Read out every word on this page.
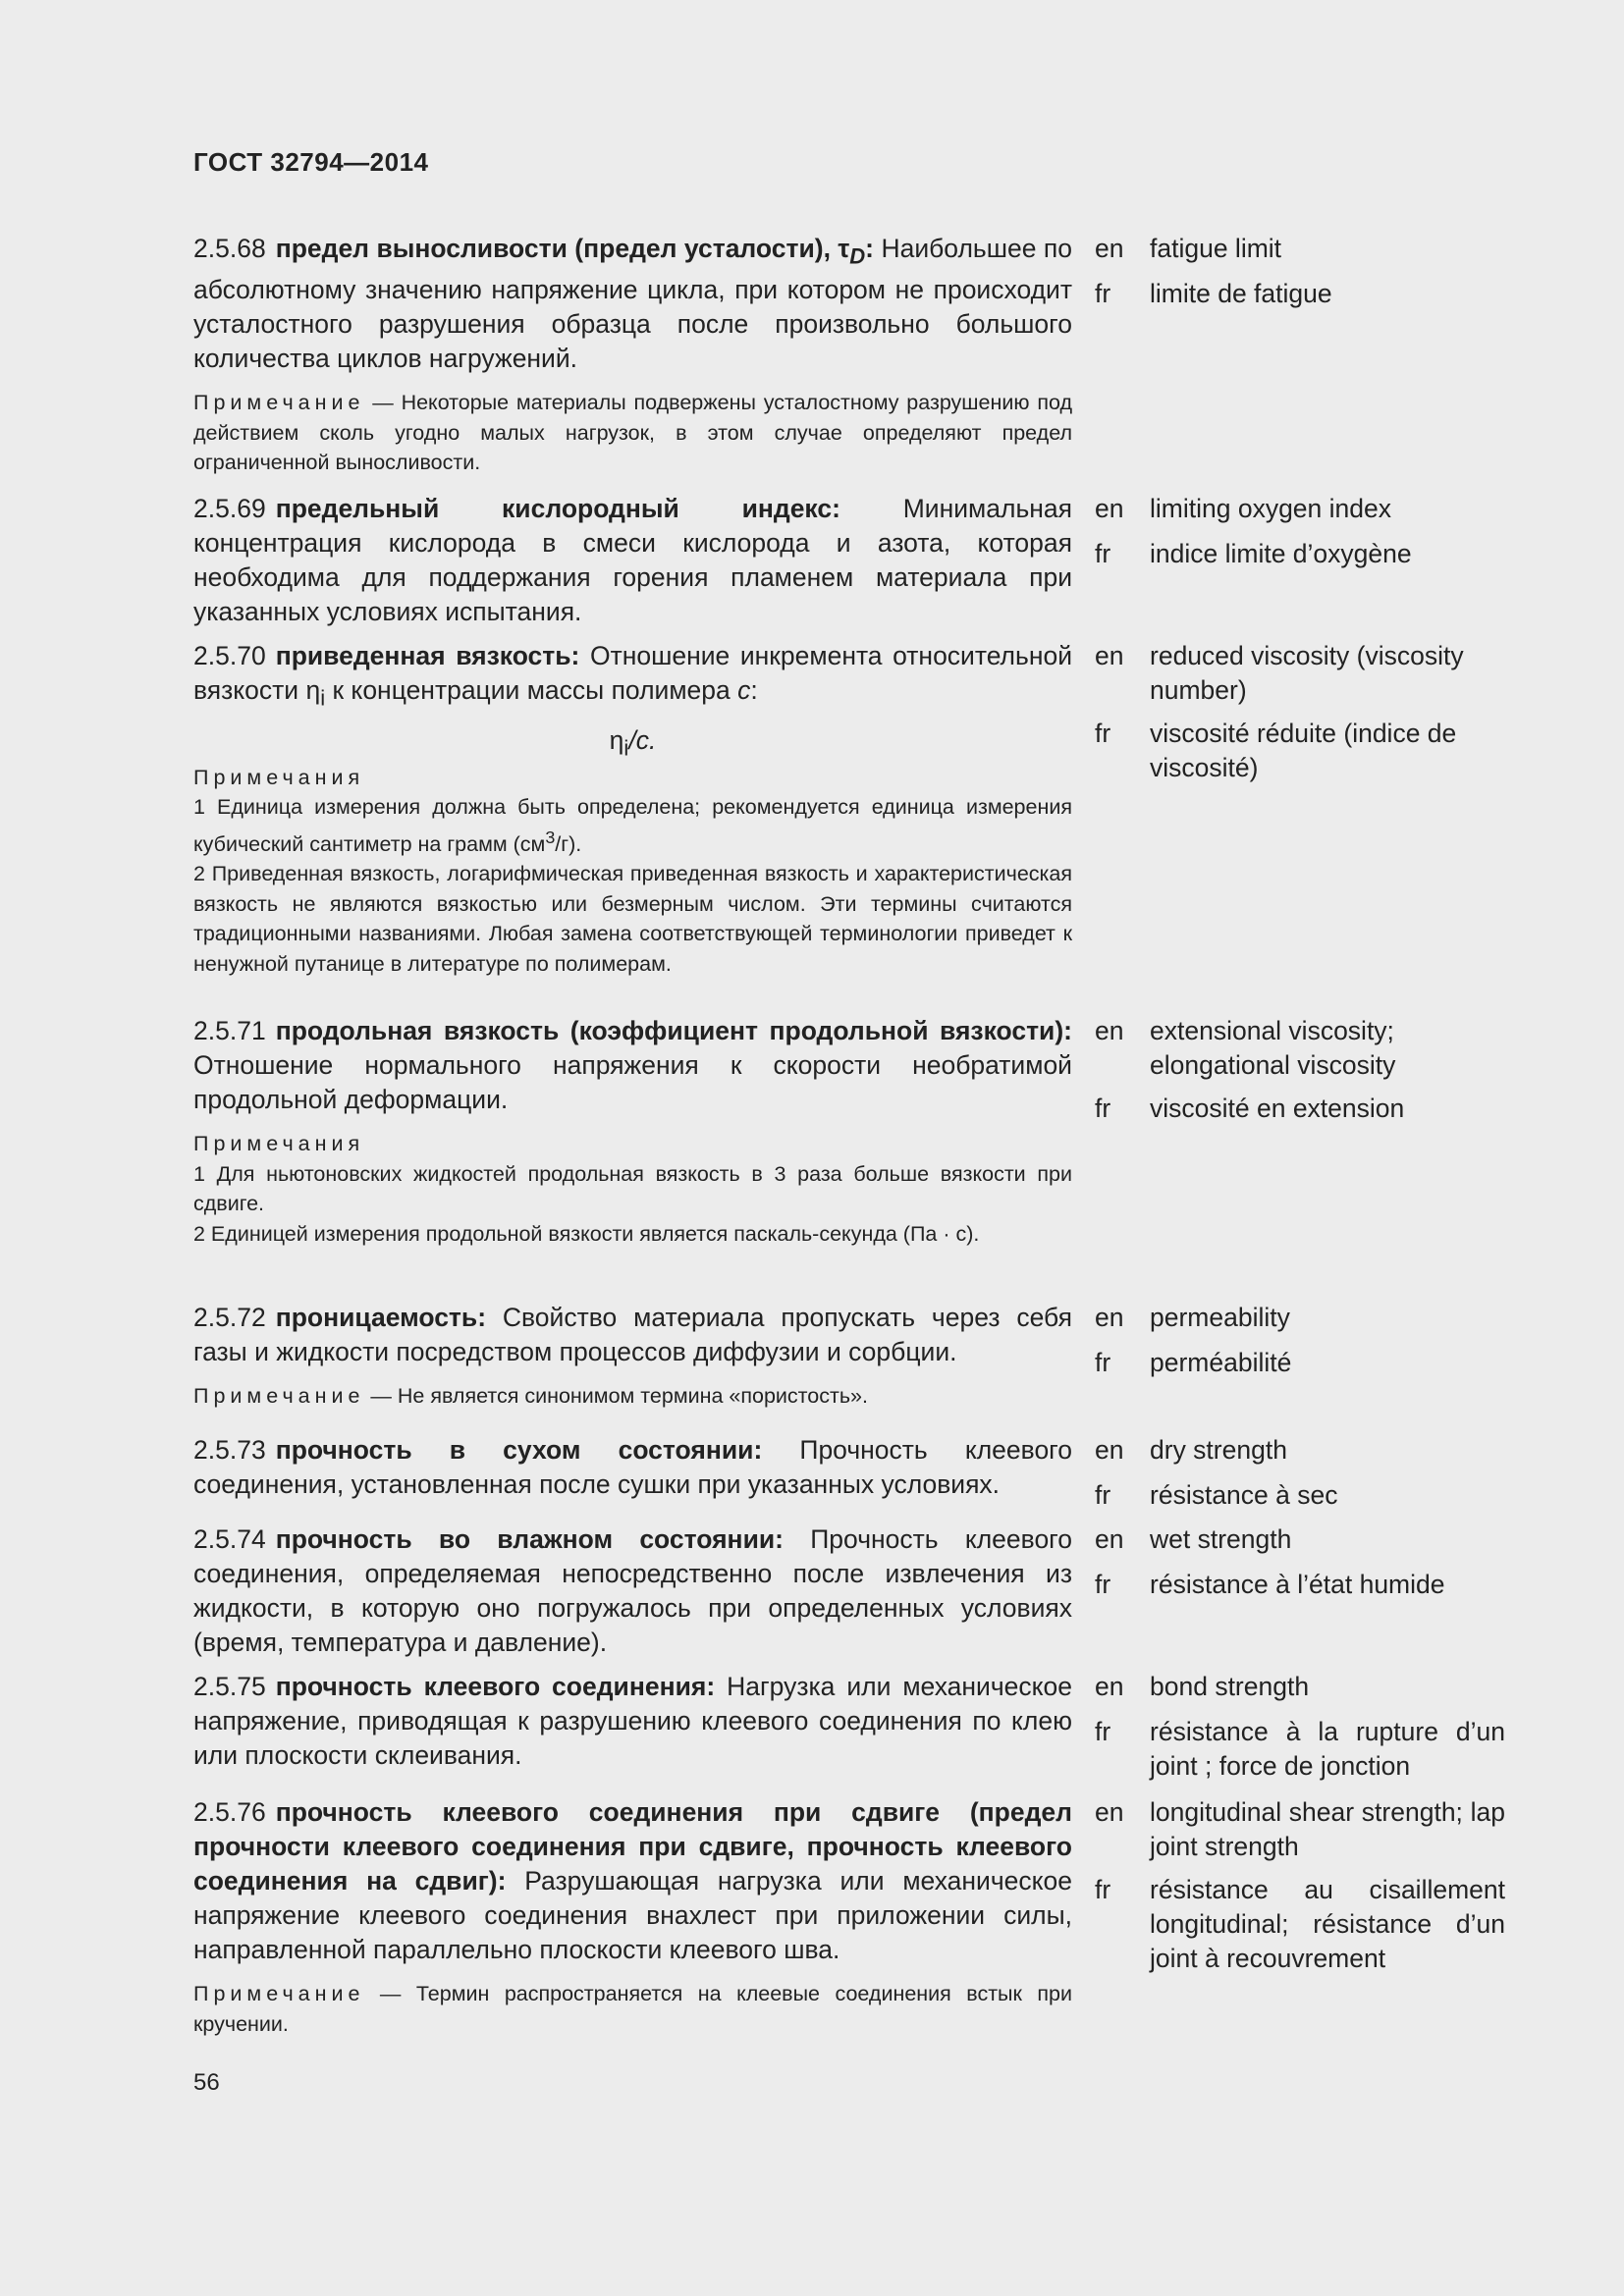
ГОСТ 32794—2014
2.5.68 предел выносливости (предел усталости), $\tau_D$: Наибольшее по абсолютному значению напряжение цикла, при котором не происходит усталостного разрушения образца после произвольно большого количества циклов нагружений.
Примечание — Некоторые материалы подвержены усталостному разрушению под действием сколь угодно малых нагрузок, в этом случае определяют предел ограниченной выносливости.
en	fatigue limit
fr	limite de fatigue
2.5.69 предельный кислородный индекс: Минимальная концентрация кислорода в смеси кислорода и азота, которая необходима для поддержания горения пламенем материала при указанных условиях испытания.
en	limiting oxygen index
fr	indice limite d’oxygène
2.5.70 приведенная вязкость: Отношение инкремента относительной вязкости $\eta_i$ к концентрации массы полимера c:
$\eta_i/c$.
Примечания
1 Единица измерения должна быть определена; рекомендуется единица измерения кубический сантиметр на грамм $(см^3/г)$.
2 Приведенная вязкость, логарифмическая приведенная вязкость и характеристическая вязкость не являются вязкостью или безмерным числом. Эти термины считаются традиционными названиями. Любая замена соответствующей терминологии приведет к ненужной путанице в литературе по полимерам.
en	reduced viscosity (viscosity number)
fr	viscosité réduite (indice de viscosité)
2.5.71 продольная вязкость (коэффициент продольной вязкости): Отношение нормального напряжения к скорости необратимой продольной деформации.
Примечания
1 Для ньютоновских жидкостей продольная вязкость в 3 раза больше вязкости при сдвиге.
2 Единицей измерения продольной вязкости является паскаль-секунда (Па · с).
en	extensional viscosity; elongational viscosity
fr	viscosité en extension
2.5.72 проницаемость: Свойство материала пропускать через себя газы и жидкости посредством процессов диффузии и сорбции.
Примечание — Не является синонимом термина «пористость».
en	permeability
fr	perméabilité
2.5.73 прочность в сухом состоянии: Прочность клеевого соединения, установленная после сушки при указанных условиях.
en	dry strength
fr	résistance à sec
2.5.74 прочность во влажном состоянии: Прочность клеевого соединения, определяемая непосредственно после извлечения из жидкости, в которую оно погружалось при определенных условиях (время, температура и давление).
en	wet strength
fr	résistance à l’état humide
2.5.75 прочность клеевого соединения: Нагрузка или механическое напряжение, приводящая к разрушению клеевого соединения по клею или плоскости склеивания.
en	bond strength
fr	résistance à la rupture d’un joint ; force de jonction
2.5.76 прочность клеевого соединения при сдвиге (предел прочности клеевого соединения при сдвиге, прочность клеевого соединения на сдвиг): Разрушающая нагрузка или механическое напряжение клеевого соединения внахлест при приложении силы, направленной параллельно плоскости клеевого шва.
Примечание — Термин распространяется на клеевые соединения встык при кручении.
en	longitudinal shear strength; lap joint strength
fr	résistance au cisaillement longitudinal; résistance d’un joint à recouvrement
56
